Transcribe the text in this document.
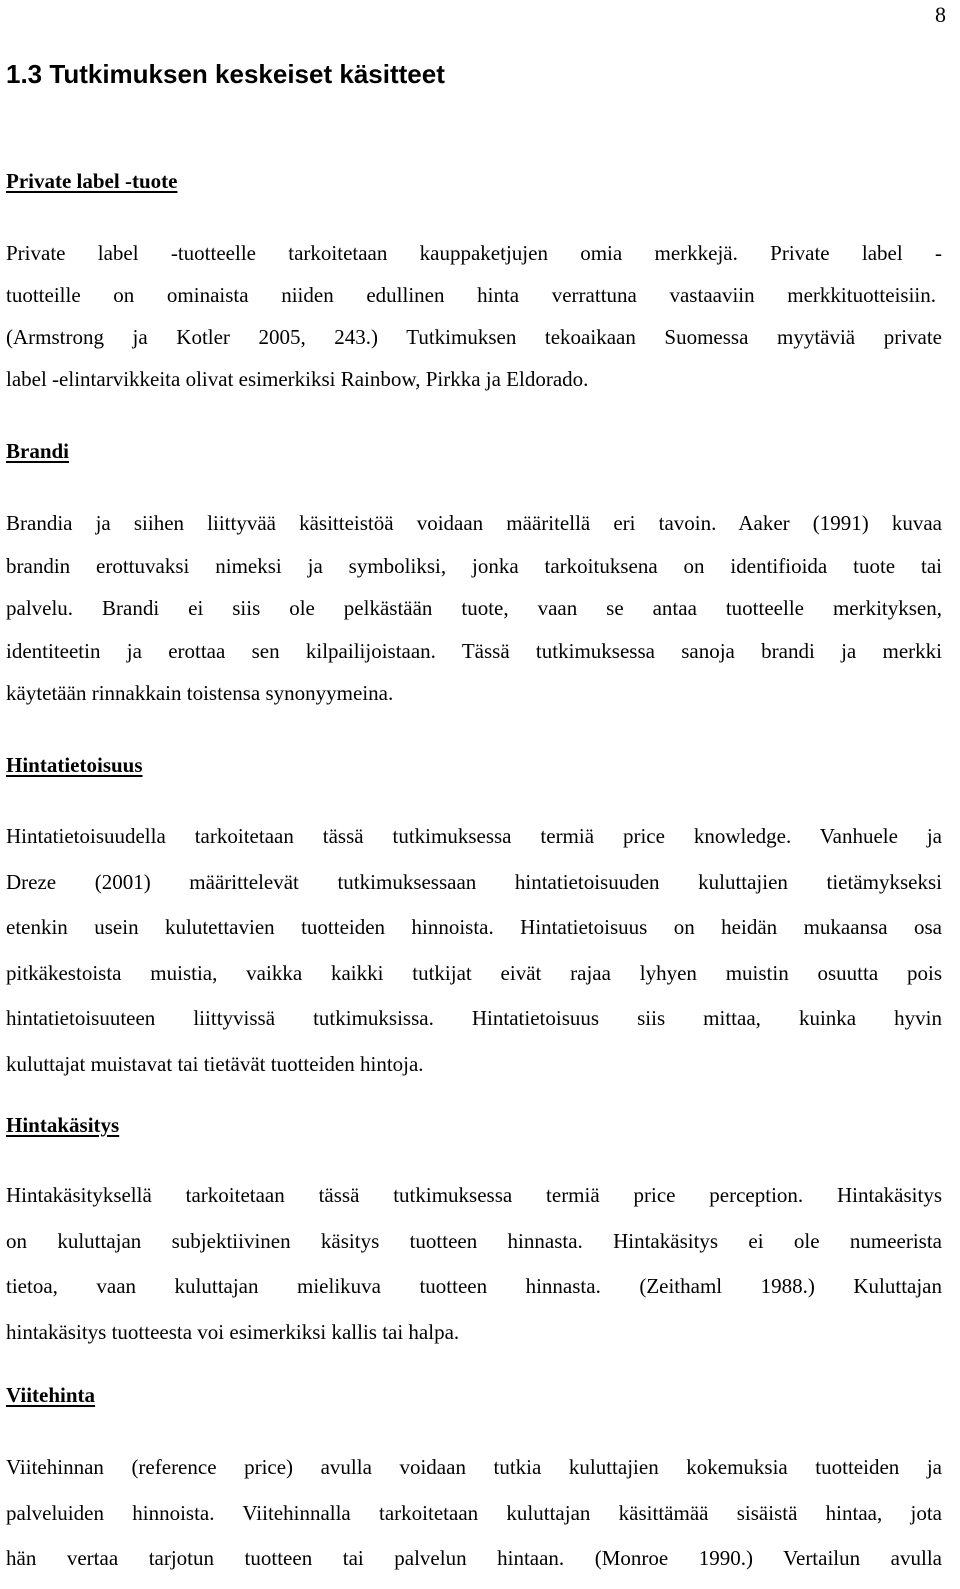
8
1.3 Tutkimuksen keskeiset käsitteet
Private label -tuote
Private label -tuotteelle tarkoitetaan kauppaketjujen omia merkkejä. Private label -
tuotteille on ominaista niiden edullinen hinta verrattuna vastaaviin merkkituotteisiin.
(Armstrong ja Kotler 2005, 243.) Tutkimuksen tekoaikaan Suomessa myytäviä private
label -elintarvikkeita olivat esimerkiksi Rainbow, Pirkka ja Eldorado.
Brandi
Brandia ja siihen liittyvää käsitteistöä voidaan määritellä eri tavoin. Aaker (1991) kuvaa
brandin erottuvaksi nimeksi ja symboliksi, jonka tarkoituksena on identifioida tuote tai
palvelu. Brandi ei siis ole pelkästään tuote, vaan se antaa tuotteelle merkityksen,
identiteetin ja erottaa sen kilpailijoistaan. Tässä tutkimuksessa sanoja brandi ja merkki
käytetään rinnakkain toistensa synonyymeina.
Hintatietoisuus
Hintatietoisuudella tarkoitetaan tässä tutkimuksessa termiä price knowledge. Vanhuele ja
Dreze (2001) määrittelevät tutkimuksessaan hintatietoisuuden kuluttajien tietämykseksi
etenkin usein kulutettavien tuotteiden hinnoista. Hintatietoisuus on heidän mukaansa osa
pitkäkestoista muistia, vaikka kaikki tutkijat eivät rajaa lyhyen muistin osuutta pois
hintatietoisuuteen liittyvissä tutkimuksissa. Hintatietoisuus siis mittaa, kuinka hyvin
kuluttajat muistavat tai tietävät tuotteiden hintoja.
Hintakäsitys
Hintakäsityksellä tarkoitetaan tässä tutkimuksessa termiä price perception. Hintakäsitys
on kuluttajan subjektiivinen käsitys tuotteen hinnasta. Hintakäsitys ei ole numeerista
tietoa, vaan kuluttajan mielikuva tuotteen hinnasta. (Zeithaml 1988.) Kuluttajan
hintakäsitys tuotteesta voi esimerkiksi kallis tai halpa.
Viitehinta
Viitehinnan (reference price) avulla voidaan tutkia kuluttajien kokemuksia tuotteiden ja
palveluiden hinnoista. Viitehinnalla tarkoitetaan kuluttajan käsittämää sisäistä hintaa, jota
hän vertaa tarjotun tuotteen tai palvelun hintaan. (Monroe 1990.) Vertailun avulla
